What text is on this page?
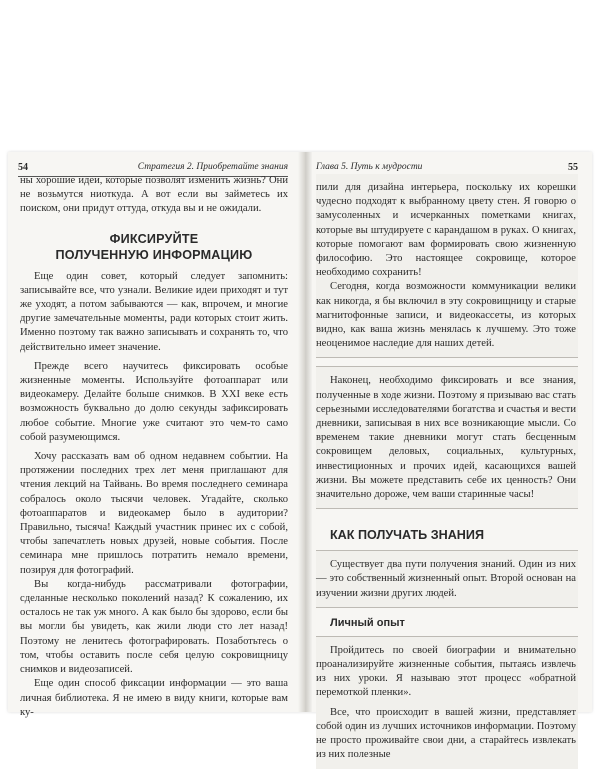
54	Стратегия 2. Приобретайте знания

ны хорошие идеи, которые позволят изменить жизнь? Они не возьмутся ниоткуда. А вот если вы займетесь их поиском, они придут оттуда, откуда вы и не ожидали.

ФИКСИРУЙТЕ
ПОЛУЧЕННУЮ ИНФОРМАЦИЮ

Еще один совет, который следует запомнить: записывайте все, что узнали. Великие идеи приходят и тут же уходят, а потом забываются — как, впрочем, и многие другие замечательные моменты, ради которых стоит жить. Именно поэтому так важно записывать и сохранять то, что действительно имеет значение.

Прежде всего научитесь фиксировать особые жизненные моменты. Используйте фотоаппарат или видеокамеру. Делайте больше снимков. В XXI веке есть возможность буквально до долю секунды зафиксировать любое событие. Многие уже считают это чем-то само собой разумеющимся.

Хочу рассказать вам об одном недавнем событии. На протяжении последних трех лет меня приглашают для чтения лекций на Тайвань. Во время последнего семинара собралось около тысячи человек. Угадайте, сколько фотоаппаратов и видеокамер было в аудитории? Правильно, тысяча! Каждый участник принес их с собой, чтобы запечатлеть новых друзей, новые события. После семинара мне пришлось потратить немало времени, позируя для фотографий.

Вы когда-нибудь рассматривали фотографии, сделанные несколько поколений назад? К сожалению, их осталось не так уж много. А как было бы здорово, если бы вы могли бы увидеть, как жили люди сто лет назад! Поэтому не ленитесь фотографировать. Позаботьтесь о том, чтобы оставить после себя целую сокровищницу снимков и видеозаписей.

Еще один способ фиксации информации — это ваша личная библиотека. Я не имею в виду книги, которые вам ку-

Глава 5. Путь к мудрости	55

пили для дизайна интерьера, поскольку их корешки чудесно подходят к выбранному цвету стен. Я говорю о замусоленных и исчерканных пометками книгах, которые вы штудируете с карандашом в руках. О книгах, которые помогают вам формировать свою жизненную философию. Это настоящее сокровище, которое необходимо сохранить!

Сегодня, когда возможности коммуникации велики как никогда, я бы включил в эту сокровищницу и старые магнитофонные записи, и видеокассеты, из которых видно, как ваша жизнь менялась к лучшему. Это тоже неоценимое наследие для наших детей.

Наконец, необходимо фиксировать и все знания, полученные в ходе жизни. Поэтому я призываю вас стать серьезными исследователями богатства и счастья и вести дневники, записывая в них все возникающие мысли. Со временем такие дневники могут стать бесценным сокровищем деловых, социальных, культурных, инвестиционных и прочих идей, касающихся вашей жизни. Вы можете представить себе их ценность? Они значительно дороже, чем ваши старинные часы!

КАК ПОЛУЧАТЬ ЗНАНИЯ

Существует два пути получения знаний. Один из них — это собственный жизненный опыт. Второй основан на изучении жизни других людей.

Личный опыт

Пройдитесь по своей биографии и внимательно проанализируйте жизненные события, пытаясь извлечь из них уроки. Я называю этот процесс «обратной перемоткой пленки».

Все, что происходит в вашей жизни, представляет собой один из лучших источников информации. Поэтому не просто проживайте свои дни, а старайтесь извлекать из них полезные
